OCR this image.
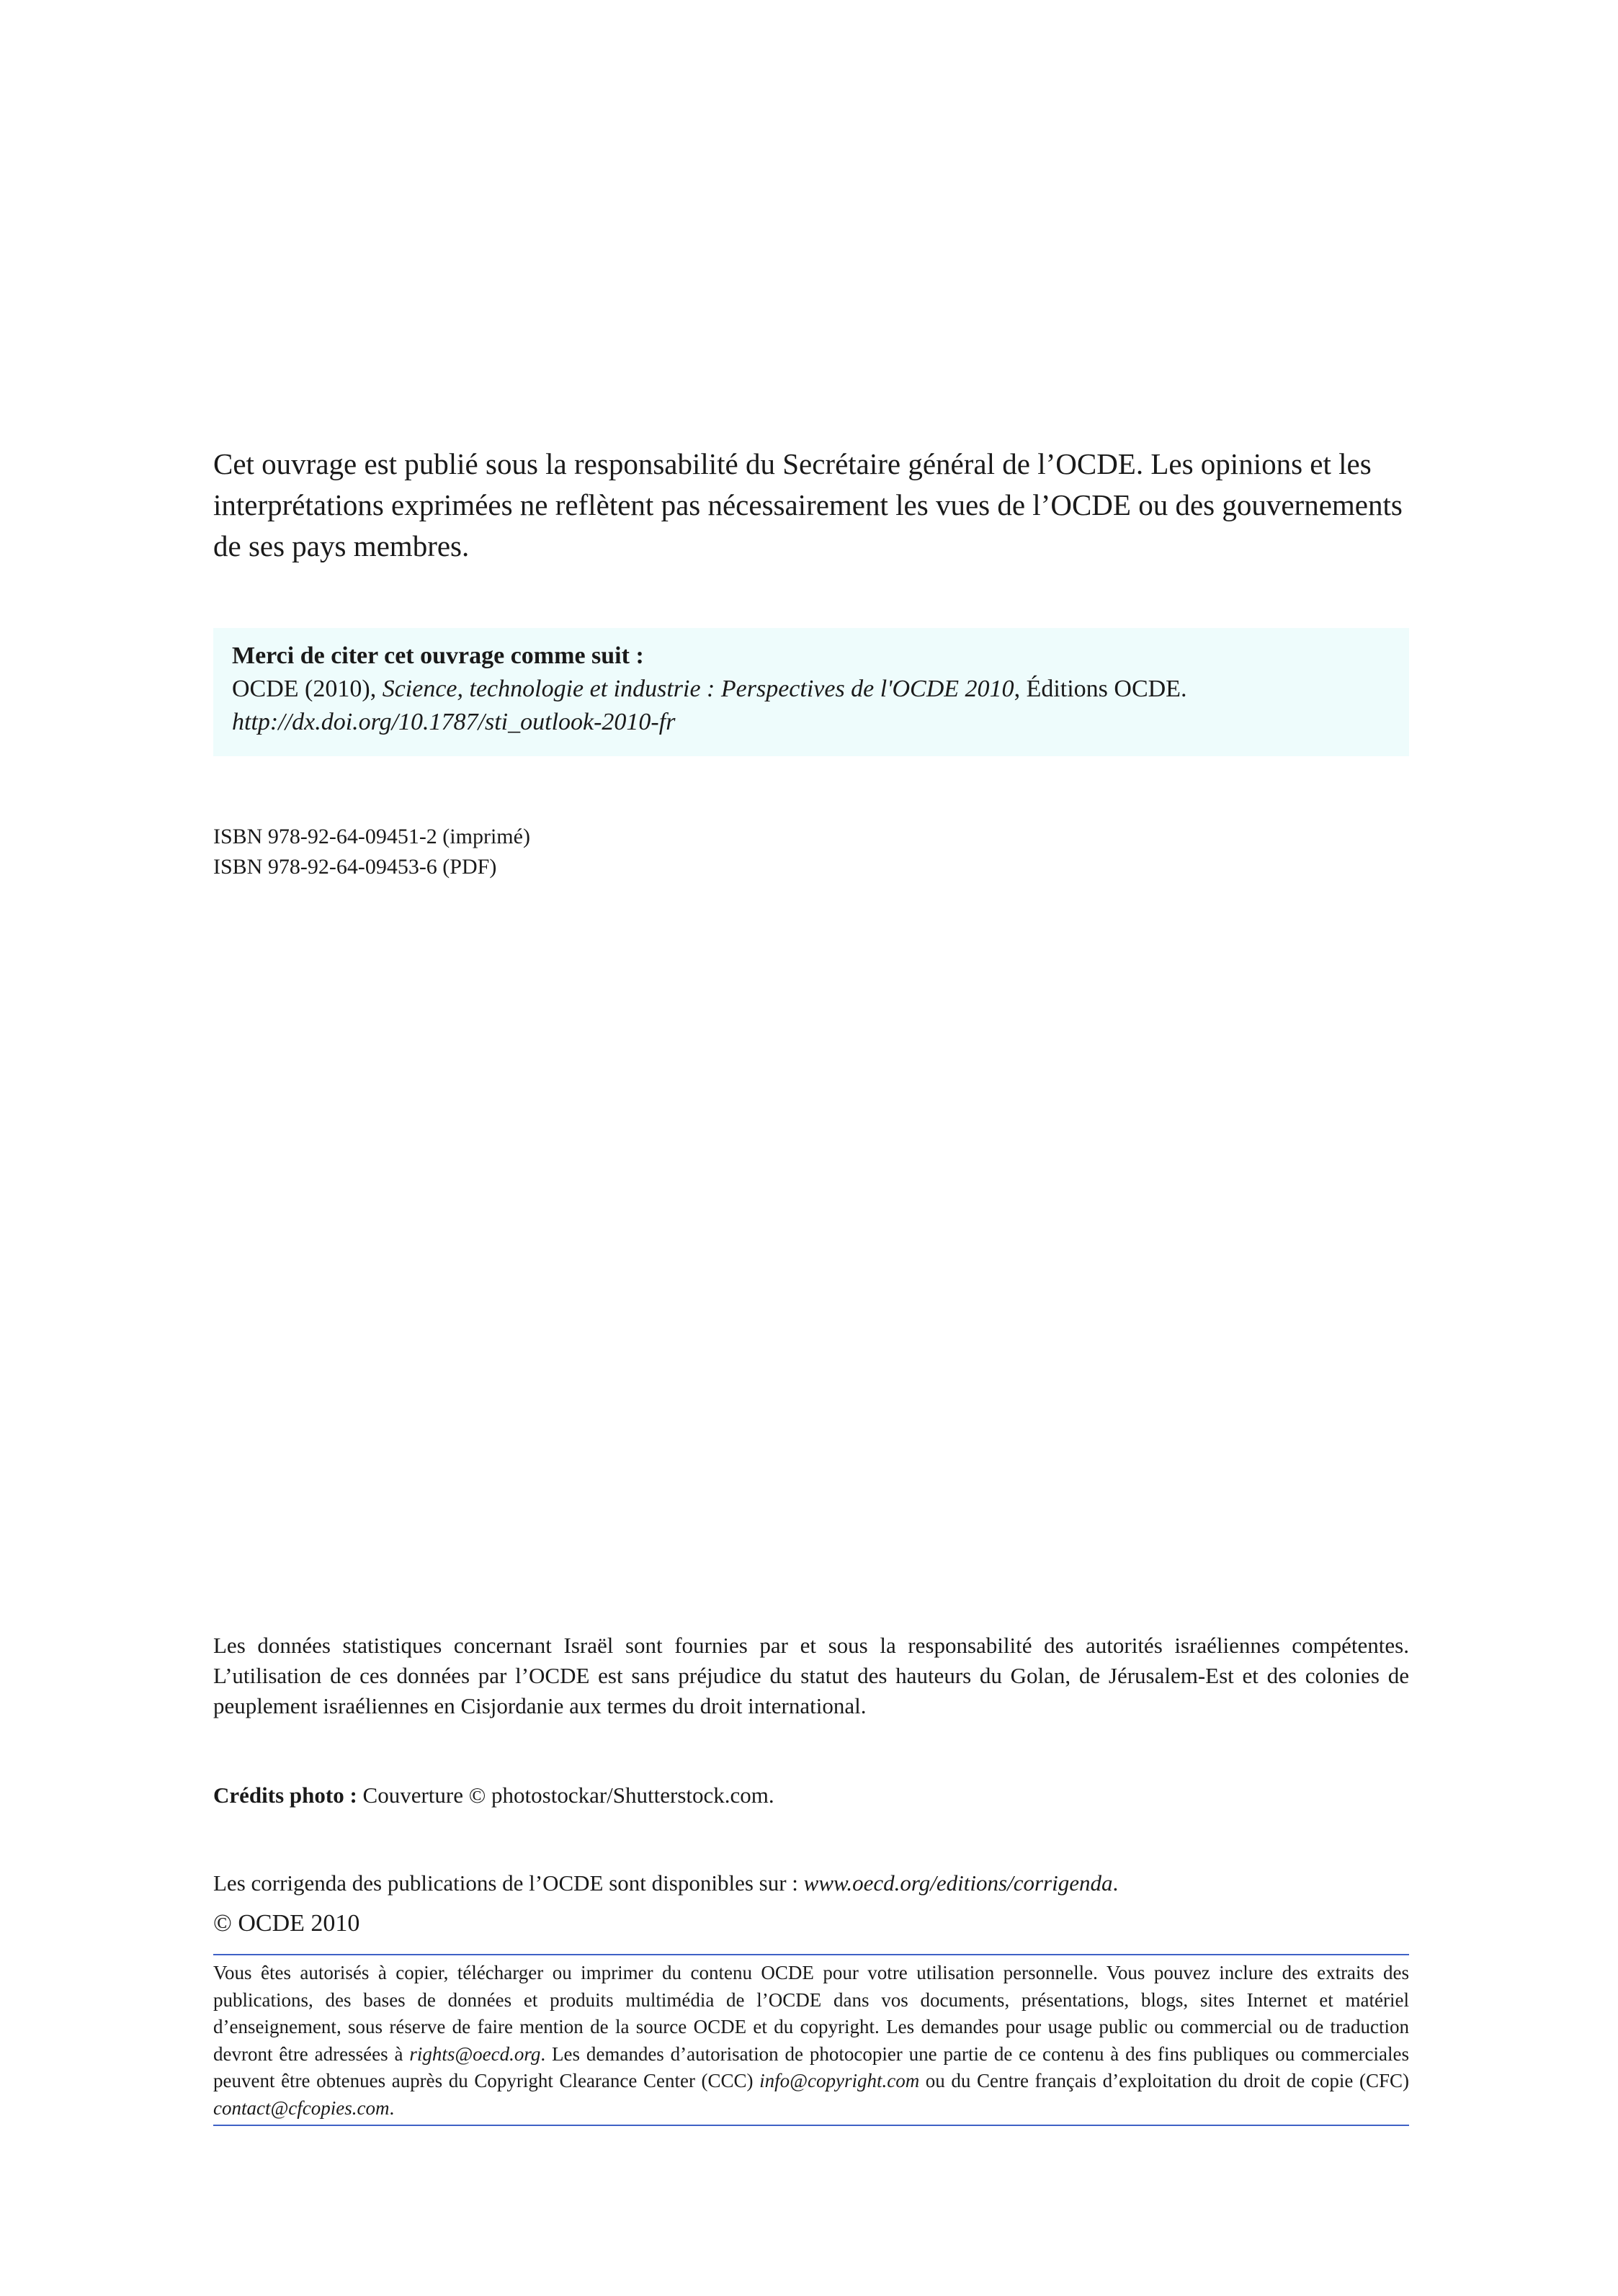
Cet ouvrage est publié sous la responsabilité du Secrétaire général de l’OCDE. Les opinions et les interprétations exprimées ne reflètent pas nécessairement les vues de l’OCDE ou des gouvernements de ses pays membres.
Merci de citer cet ouvrage comme suit :
OCDE (2010), Science, technologie et industrie : Perspectives de l'OCDE 2010, Éditions OCDE.
http://dx.doi.org/10.1787/sti_outlook-2010-fr
ISBN 978-92-64-09451-2 (imprimé)
ISBN 978-92-64-09453-6 (PDF)
Les données statistiques concernant Israël sont fournies par et sous la responsabilité des autorités israéliennes compétentes. L’utilisation de ces données par l’OCDE est sans préjudice du statut des hauteurs du Golan, de Jérusalem-Est et des colonies de peuplement israéliennes en Cisjordanie aux termes du droit international.
Crédits photo : Couverture © photostockar/Shutterstock.com.
Les corrigenda des publications de l’OCDE sont disponibles sur : www.oecd.org/editions/corrigenda.
© OCDE 2010
Vous êtes autorisés à copier, télécharger ou imprimer du contenu OCDE pour votre utilisation personnelle. Vous pouvez inclure des extraits des publications, des bases de données et produits multimédia de l’OCDE dans vos documents, présentations, blogs, sites Internet et matériel d’enseignement, sous réserve de faire mention de la source OCDE et du copyright. Les demandes pour usage public ou commercial ou de traduction devront être adressées à rights@oecd.org. Les demandes d’autorisation de photocopier une partie de ce contenu à des fins publiques ou commerciales peuvent être obtenues auprès du Copyright Clearance Center (CCC) info@copyright.com ou du Centre français d’exploitation du droit de copie (CFC) contact@cfcopies.com.
